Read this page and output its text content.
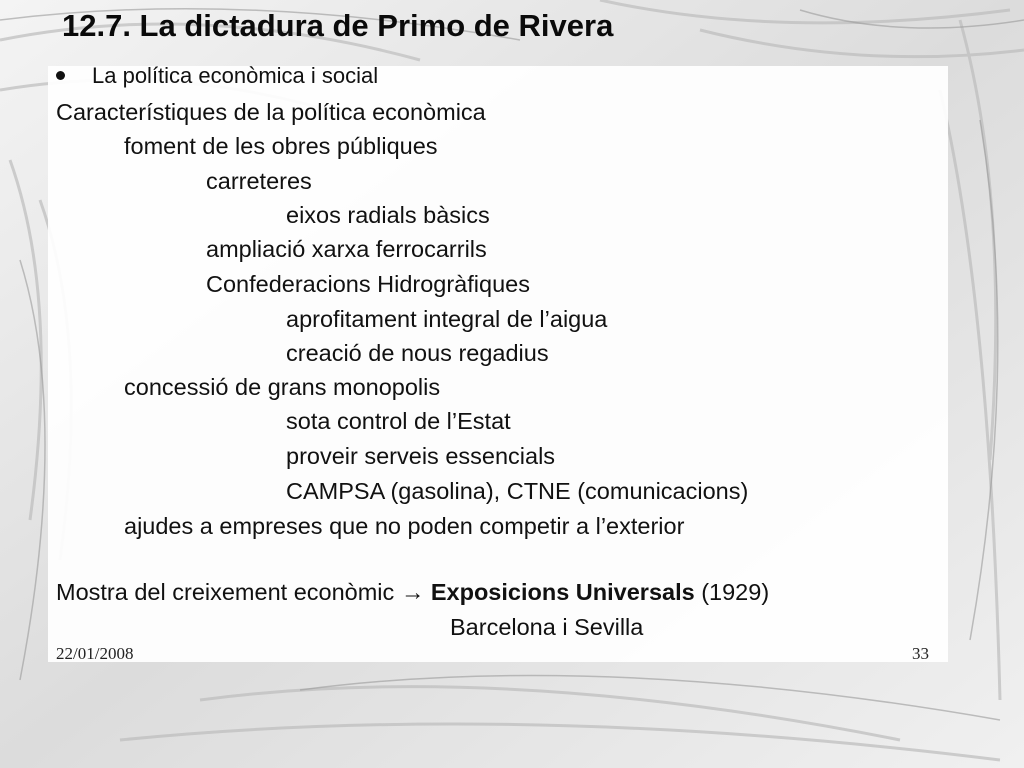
12.7. La dictadura de Primo de Rivera
La política econòmica i social
Característiques de la política econòmica
foment de les obres públiques
carreteres
eixos radials bàsics
ampliació xarxa ferrocarrils
Confederacions Hidrogràfiques
aprofitament integral de l’aigua
creació de nous regadius
concessió de grans monopolis
sota control de l’Estat
proveir serveis essencials
CAMPSA (gasolina), CTNE (comunicacions)
ajudes a empreses que no poden competir a l’exterior
Mostra del creixement econòmic → Exposicions Universals (1929)
Barcelona i Sevilla
22/01/2008	33
